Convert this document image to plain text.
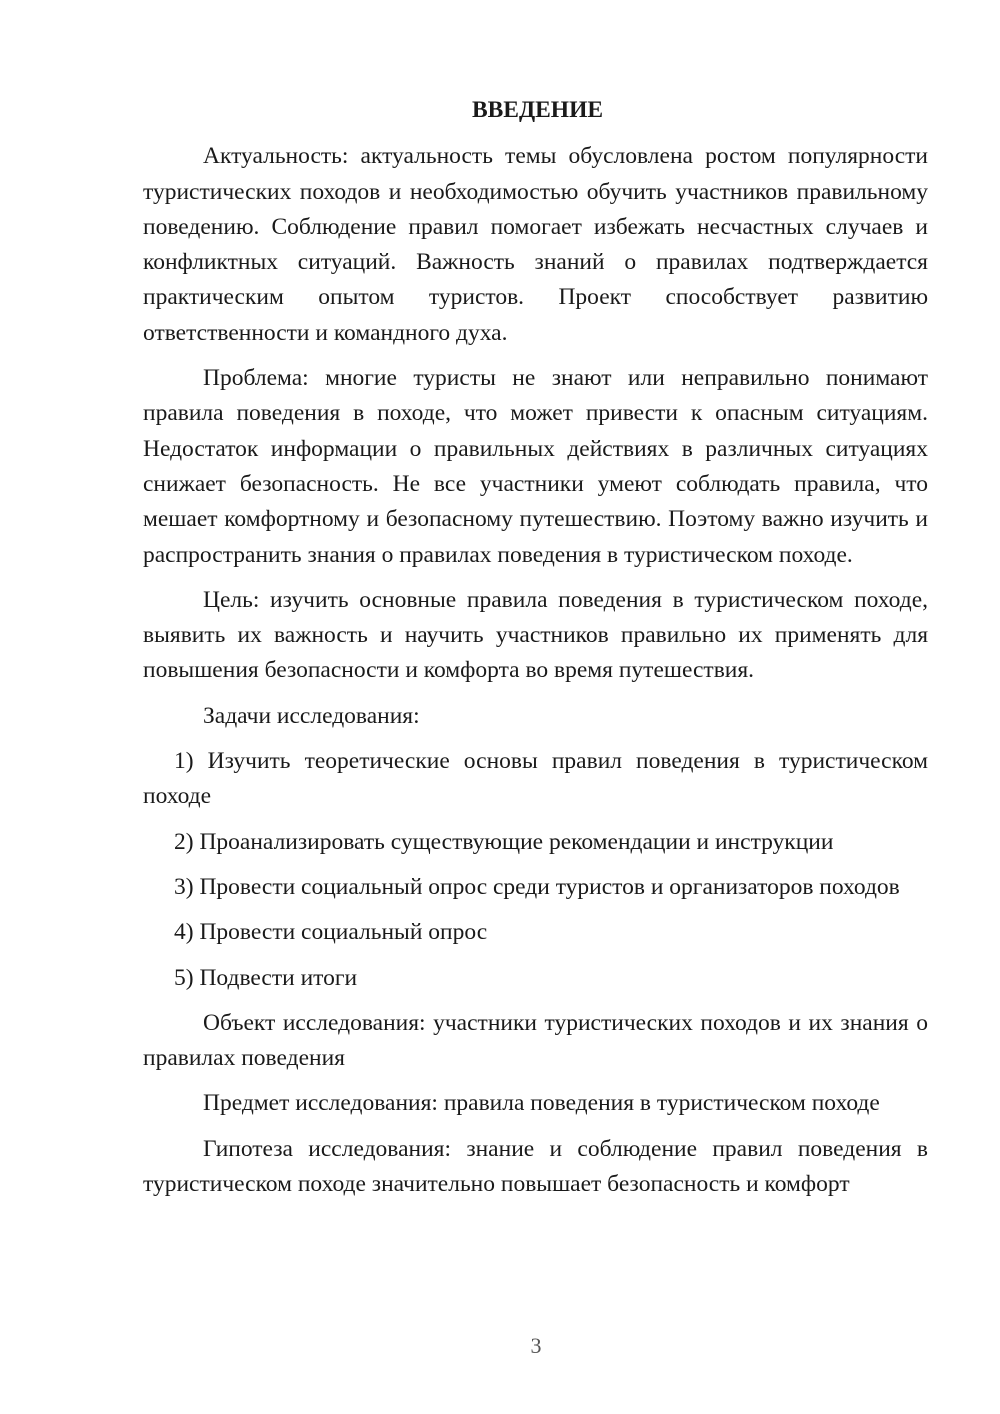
ВВЕДЕНИЕ

Актуальность: актуальность темы обусловлена ростом популярности туристических походов и необходимостью обучить участников правильному поведению. Соблюдение правил помогает избежать несчастных случаев и конфликтных ситуаций. Важность знаний о правилах подтверждается практическим опытом туристов. Проект способствует развитию ответственности и командного духа.

Проблема: многие туристы не знают или неправильно понимают правила поведения в походе, что может привести к опасным ситуациям. Недостаток информации о правильных действиях в различных ситуациях снижает безопасность. Не все участники умеют соблюдать правила, что мешает комфортному и безопасному путешествию. Поэтому важно изучить и распространить знания о правилах поведения в туристическом походе.

Цель: изучить основные правила поведения в туристическом походе, выявить их важность и научить участников правильно их применять для повышения безопасности и комфорта во время путешествия.

Задачи исследования:

1) Изучить теоретические основы правил поведения в туристическом походе

2) Проанализировать существующие рекомендации и инструкции

3) Провести социальный опрос среди туристов и организаторов походов

4) Провести социальный опрос

5) Подвести итоги

Объект исследования: участники туристических походов и их знания о правилах поведения

Предмет исследования: правила поведения в туристическом походе

Гипотеза исследования: знание и соблюдение правил поведения в туристическом походе значительно повышает безопасность и комфорт

3
